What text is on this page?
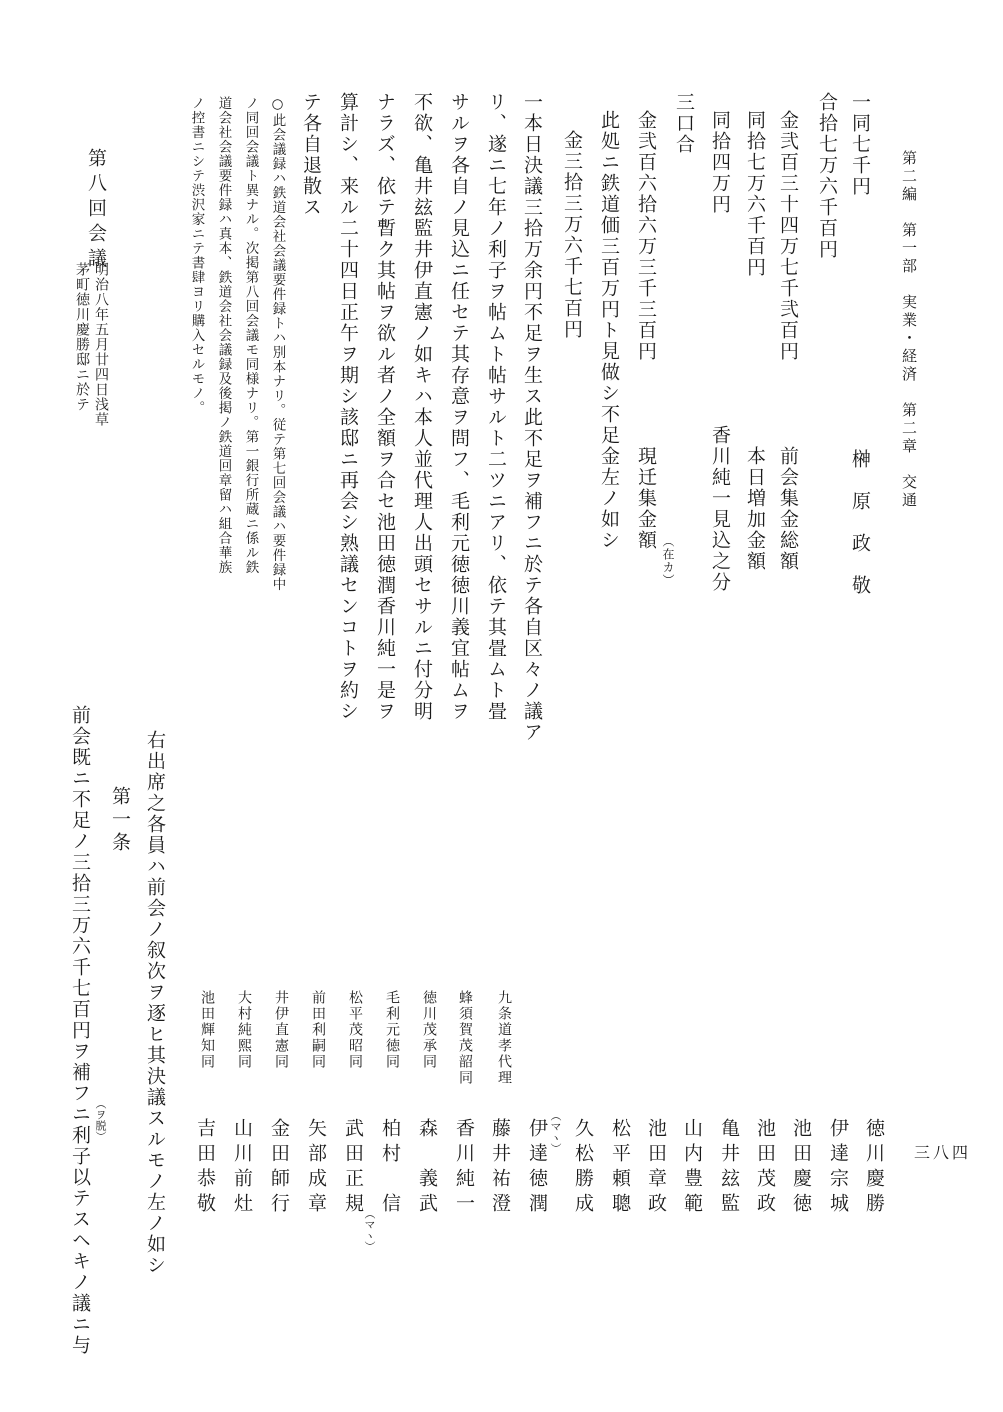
三八四
第二編　第一部　実業・経済　第二章　交通
一同七千円　　　　　　　　　　　　榊　原　政　敬
合拾七万六千百円
金弐百三十四万七千弐百円　　　　前会集金総額
同拾七万六千百円　　　　　　　　本日増加金額
同拾四万円　　　　　　　　　　香川純一見込之分
三口合
金弐百六拾六万三千三百円　　　　現迁集金額
（在カ）
此処ニ鉄道価三百万円ト見做シ不足金左ノ如シ
金三拾三万六千七百円
一本日決議三拾万余円不足ヲ生ス此不足ヲ補フニ於テ各自区々ノ議ア
リ、遂ニ七年ノ利子ヲ帖ムト帖サルト二ツニアリ、依テ其畳ムト畳
サルヲ各自ノ見込ニ任セテ其存意ヲ問フ、毛利元徳徳川義宜帖ムヲ
不欲、亀井玆監井伊直憲ノ如キハ本人並代理人出頭セサルニ付分明
ナラズ、依テ暫ク其帖ヲ欲ル者ノ全額ヲ合セ池田徳潤香川純一是ヲ
算計シ、来ル二十四日正午ヲ期シ該邸ニ再会シ熟議センコトヲ約シ
テ各自退散ス
○此会議録ハ鉄道会社会議要件録トハ別本ナリ。従テ第七回会議ハ要件録中
ノ同回会議ト異ナル。次掲第八回会議モ同様ナリ。第一銀行所蔵ニ係ル鉄
道会社会議要件録ハ真本、鉄道会社会議録及後掲ノ鉄道回章留ハ組合華族
ノ控書ニシテ渋沢家ニテ書肆ヨリ購入セルモノ。
第八回会議
明治八年五月廿四日浅草
茅町徳川慶勝邸ニ於テ
徳川慶勝
伊達宗城
池田慶徳
池田茂政
亀井玆監
山内豊範
池田章政
松平頼聰
久松勝成
九条道孝代理
伊達徳潤 （マヽ）
蜂須賀茂韶同
藤井祐澄
徳川茂承同
香川純一
毛利元徳同
森　義武
松平茂昭同
柏村　信
前田利嗣同
武田正規
（マヽ）
井伊直憲同
矢部成章
大村純熙同
金田師行
池田輝知同
山川前灶
吉田恭敬
右出席之各員ハ前会ノ叙次ヲ逐ヒ其決議スルモノ左ノ如シ
第一条
前会既ニ不足ノ三拾三万六千七百円ヲ補フニ利子以テスヘキノ議ニ与 （ヲ脱）
